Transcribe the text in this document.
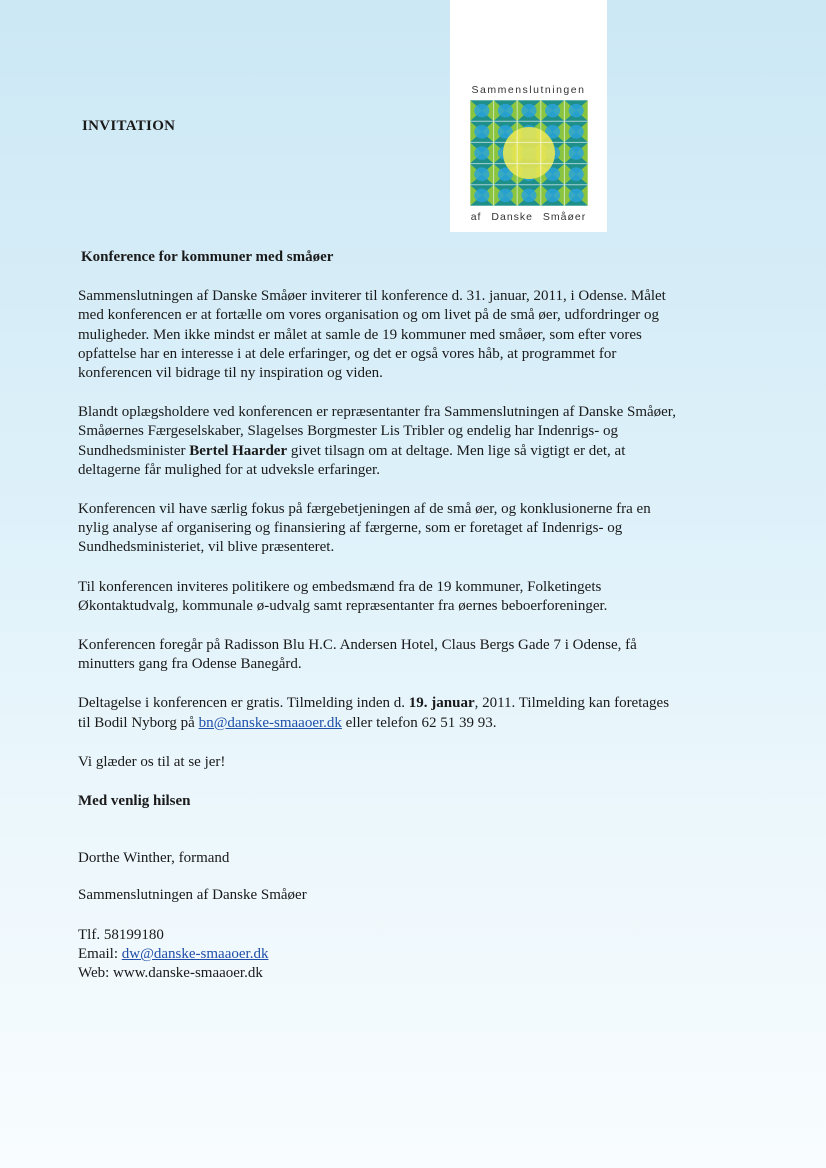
Sammenslutningen
af Danske Småøer
INVITATION

Konference for kommuner med småøer

Sammenslutningen af Danske Småøer inviterer til konference d. 31. januar, 2011, i Odense. Målet
med konferencen er at fortælle om vores organisation og om livet på de små øer, udfordringer og
muligheder. Men ikke mindst er målet at samle de 19 kommuner med småøer, som efter vores
opfattelse har en interesse i at dele erfaringer, og det er også vores håb, at programmet for
konferencen vil bidrage til ny inspiration og viden.

Blandt oplægsholdere ved konferencen er repræsentanter fra Sammenslutningen af Danske Småøer,
Småøernes Færgeselskaber, Slagelses Borgmester Lis Tribler og endelig har Indenrigs- og
Sundhedsminister Bertel Haarder givet tilsagn om at deltage. Men lige så vigtigt er det, at
deltagerne får mulighed for at udveksle erfaringer.

Konferencen vil have særlig fokus på færgebetjeningen af de små øer, og konklusionerne fra en
nylig analyse af organisering og finansiering af færgerne, som er foretaget af Indenrigs- og
Sundhedsministeriet, vil blive præsenteret.

Til konferencen inviteres politikere og embedsmænd fra de 19 kommuner, Folketingets
Økontaktudvalg, kommunale ø-udvalg samt repræsentanter fra øernes beboerforeninger.

Konferencen foregår på Radisson Blu H.C. Andersen Hotel, Claus Bergs Gade 7 i Odense, få
minutters gang fra Odense Banegård.

Deltagelse i konferencen er gratis. Tilmelding inden d. 19. januar, 2011. Tilmelding kan foretages
til Bodil Nyborg på bn@danske-smaaoer.dk eller telefon 62 51 39 93.

Vi glæder os til at se jer!

Med venlig hilsen

Dorthe Winther, formand

Sammenslutningen af Danske Småøer

Tlf. 58199180
Email: dw@danske-smaaoer.dk
Web: www.danske-smaaoer.dk
